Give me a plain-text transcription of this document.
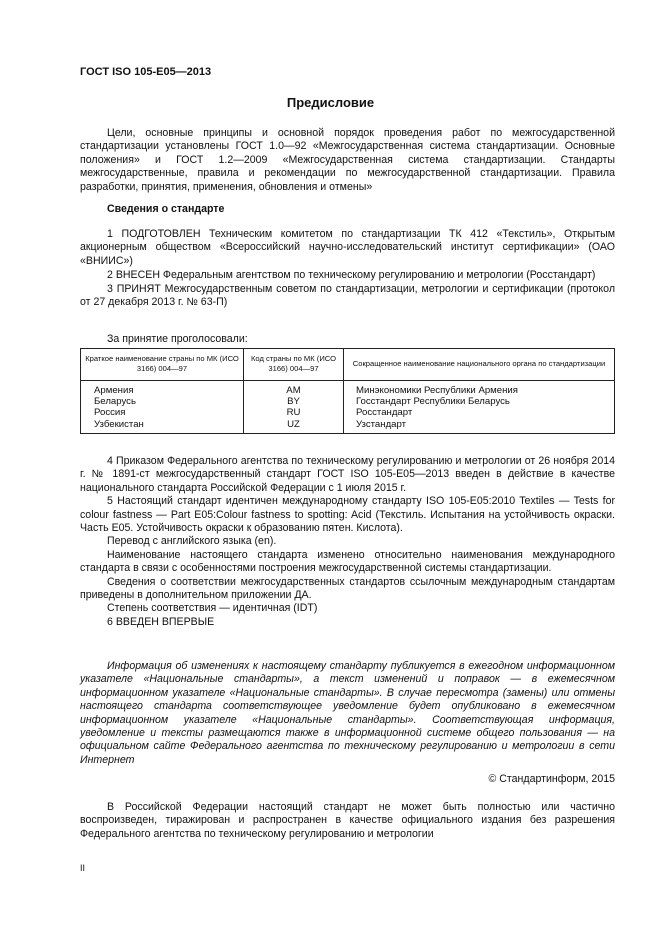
ГОСТ ISO 105-E05—2013
Предисловие

Цели, основные принципы и основной порядок проведения работ по межгосударственной стандартизации установлены ГОСТ 1.0—92 «Межгосударственная система стандартизации. Основные положения» и ГОСТ 1.2—2009 «Межгосударственная система стандартизации. Стандарты межгосударственные, правила и рекомендации по межгосударственной стандартизации. Правила разработки, принятия, применения, обновления и отмены»

Сведения о стандарте

1 ПОДГОТОВЛЕН Техническим комитетом по стандартизации ТК 412 «Текстиль», Открытым акционерным обществом «Всероссийский научно-исследовательский институт сертификации» (ОАО «ВНИИС»)

2 ВНЕСЕН Федеральным агентством по техническому регулированию и метрологии (Росстандарт)

3 ПРИНЯТ Межгосударственным советом по стандартизации, метрологии и сертификации (протокол от 27 декабря 2013 г. № 63-П)

За принятие проголосовали:

Краткое наименование страны по МК (ИСО 3166) 004—97	Код страны по МК (ИСО 3166) 004—97	Сокращенное наименование национального органа по стандартизации
Армения	AM	Минэкономики Республики Армения
Беларусь	BY	Госстандарт Республики Беларусь
Россия	RU	Росстандарт
Узбекистан	UZ	Узстандарт

4 Приказом Федерального агентства по техническому регулированию и метрологии от 26 ноября 2014 г. № 1891-ст межгосударственный стандарт ГОСТ ISO 105-E05—2013 введен в действие в качестве национального стандарта Российской Федерации с 1 июля 2015 г.

5 Настоящий стандарт идентичен международному стандарту ISO 105-E05:2010 Textiles — Tests for colour fastness — Part E05:Colour fastness to spotting: Acid (Текстиль. Испытания на устойчивость окраски. Часть E05. Устойчивость окраски к образованию пятен. Кислота).

Перевод с английского языка (en).

Наименование настоящего стандарта изменено относительно наименования международного стандарта в связи с особенностями построения межгосударственной системы стандартизации.

Сведения о соответствии межгосударственных стандартов ссылочным международным стандартам приведены в дополнительном приложении ДА.

Степень соответствия — идентичная (IDT)

6 ВВЕДЕН ВПЕРВЫЕ

Информация об изменениях к настоящему стандарту публикуется в ежегодном информационном указателе «Национальные стандарты», а текст изменений и поправок — в ежемесячном информационном указателе «Национальные стандарты». В случае пересмотра (замены) или отмены настоящего стандарта соответствующее уведомление будет опубликовано в ежемесячном информационном указателе «Национальные стандарты». Соответствующая информация, уведомление и тексты размещаются также в информационной системе общего пользования — на официальном сайте Федерального агентства по техническому регулированию и метрологии в сети Интернет

© Стандартинформ, 2015

В Российской Федерации настоящий стандарт не может быть полностью или частично воспроизведен, тиражирован и распространен в качестве официального издания без разрешения Федерального агентства по техническому регулированию и метрологии

II
